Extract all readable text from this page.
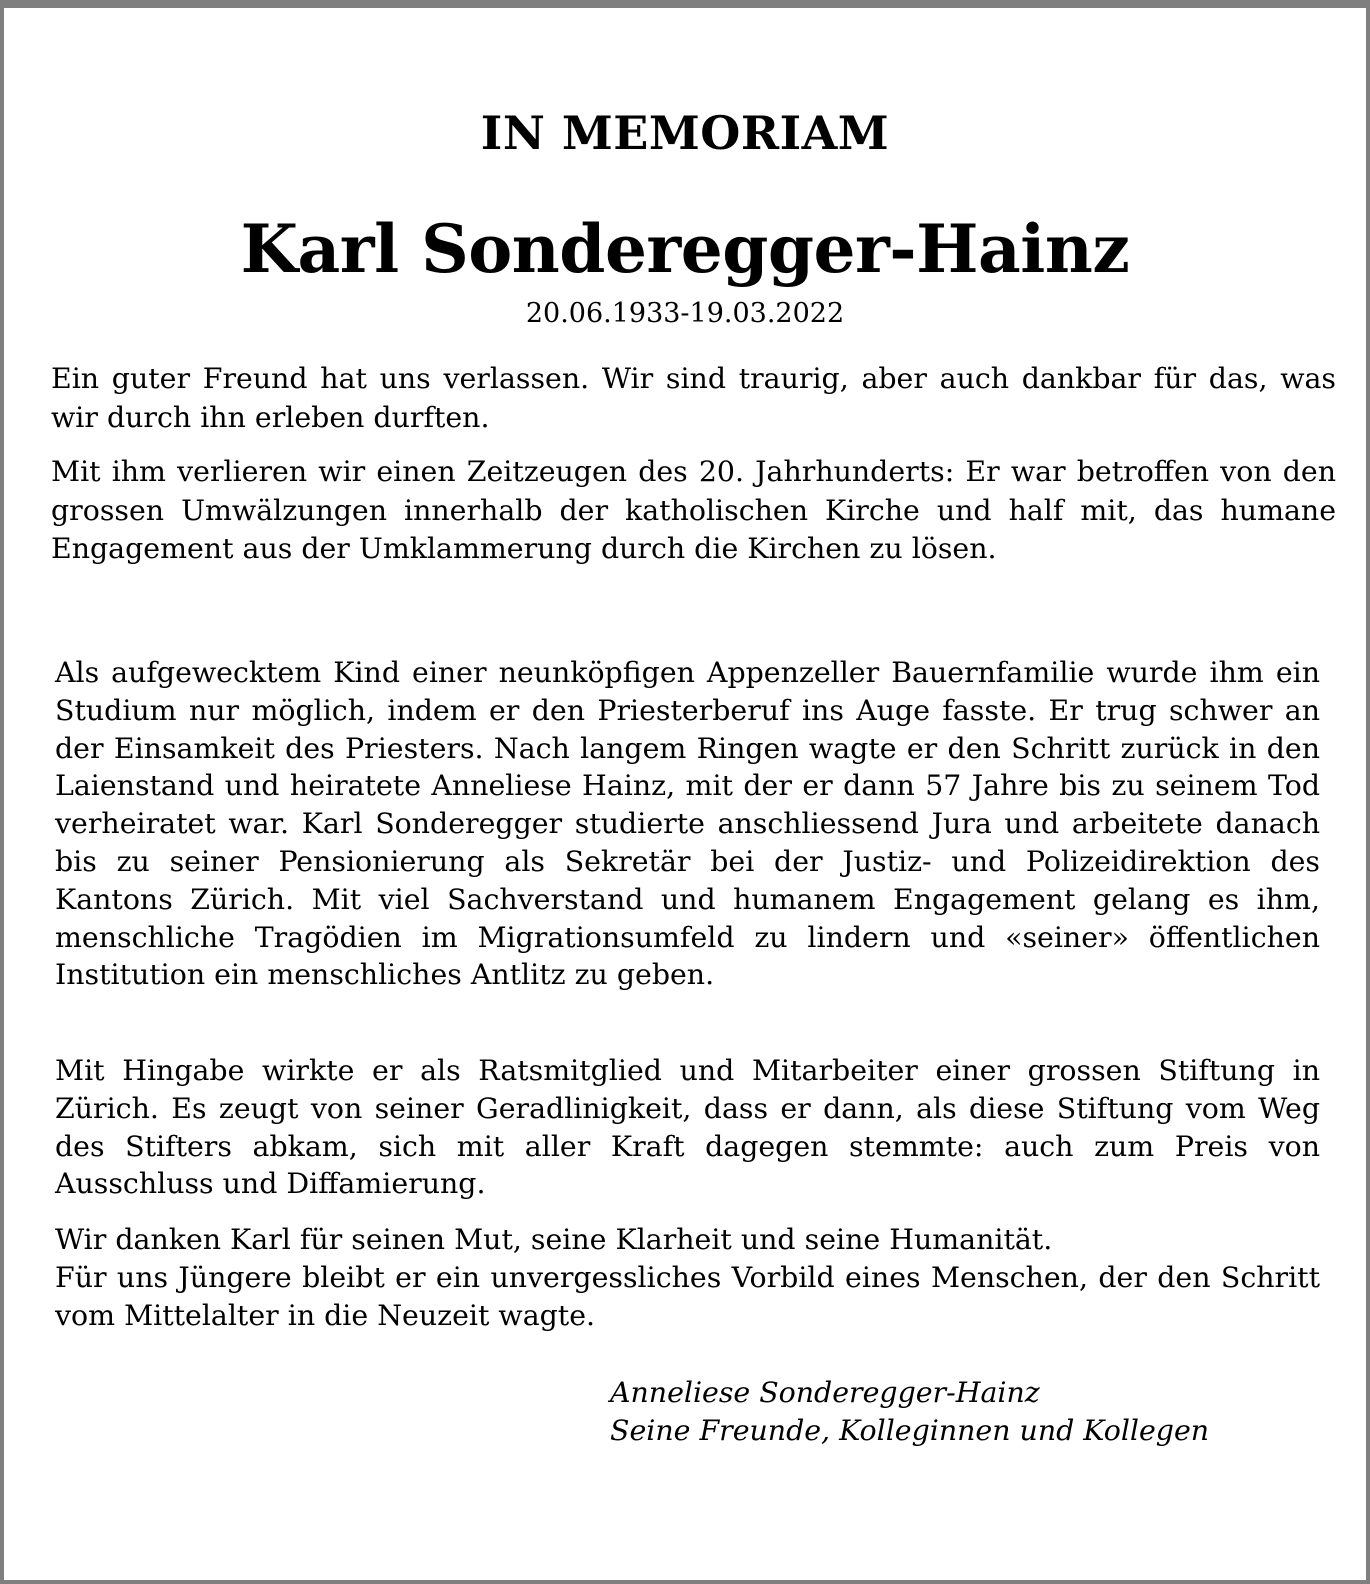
IN MEMORIAM
Karl Sonderegger-Hainz
20.06.1933-19.03.2022

Ein guter Freund hat uns verlassen. Wir sind traurig, aber auch dankbar für das, was wir durch ihn erleben durften.

Mit ihm verlieren wir einen Zeitzeugen des 20. Jahrhunderts: Er war betroffen von den grossen Umwälzungen innerhalb der katholischen Kirche und half mit, das humane Engagement aus der Umklammerung durch die Kirchen zu lösen.

Als aufgewecktem Kind einer neunköpfigen Appenzeller Bauernfamilie wurde ihm ein Studium nur möglich, indem er den Priesterberuf ins Auge fasste. Er trug schwer an der Einsamkeit des Priesters. Nach langem Ringen wagte er den Schritt zurück in den Laienstand und heiratete Anneliese Hainz, mit der er dann 57 Jahre bis zu seinem Tod verheiratet war. Karl Sonderegger studierte anschliessend Jura und arbeitete danach bis zu seiner Pensionierung als Sekretär bei der Justiz- und Polizeidirektion des Kantons Zürich. Mit viel Sachverstand und humanem Engagement gelang es ihm, menschliche Tragödien im Migrationsumfeld zu lindern und «seiner» öffentlichen Institution ein menschliches Antlitz zu geben.

Mit Hingabe wirkte er als Ratsmitglied und Mitarbeiter einer grossen Stiftung in Zürich. Es zeugt von seiner Geradlinigkeit, dass er dann, als diese Stiftung vom Weg des Stifters abkam, sich mit aller Kraft dagegen stemmte: auch zum Preis von Ausschluss und Diffamierung.

Wir danken Karl für seinen Mut, seine Klarheit und seine Humanität.
Für uns Jüngere bleibt er ein unvergessliches Vorbild eines Menschen, der den Schritt vom Mittelalter in die Neuzeit wagte.
Anneliese Sonderegger-Hainz
Seine Freunde, Kolleginnen und Kollegen
